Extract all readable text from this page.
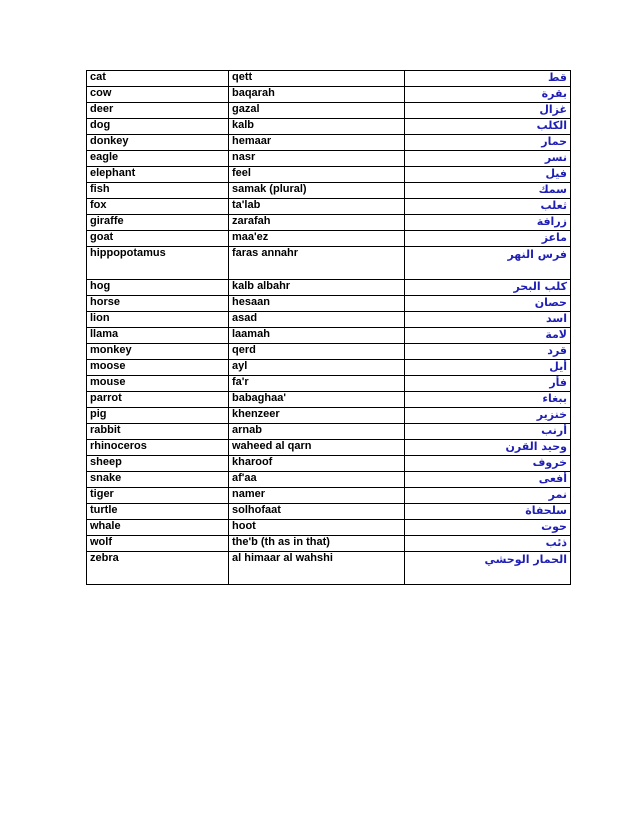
cat	qett	قط
cow	baqarah	بقرة
deer	gazal	غزال
dog	kalb	الكلب
donkey	hemaar	حمار
eagle	nasr	نسر
elephant	feel	فيل
fish	samak (plural)	سمك
fox	ta'lab	ثعلب
giraffe	zarafah	زرافة
goat	maa'ez	ماعز
hippopotamus	faras annahr	فرس النهر
hog	kalb albahr	كلب البحر
horse	hesaan	حصان
lion	asad	اسد
llama	laamah	لامة
monkey	qerd	قرد
moose	ayl	أيل
mouse	fa'r	فأر
parrot	babaghaa'	ببغاء
pig	khenzeer	خنزير
rabbit	arnab	أرنب
rhinoceros	waheed al qarn	وحيد القرن
sheep	kharoof	خروف
snake	af'aa	أفعى
tiger	namer	نمر
turtle	solhofaat	سلحفاة
whale	hoot	حوت
wolf	the'b (th as in that)	ذئب
zebra	al himaar al wahshi	الحمار الوحشي
